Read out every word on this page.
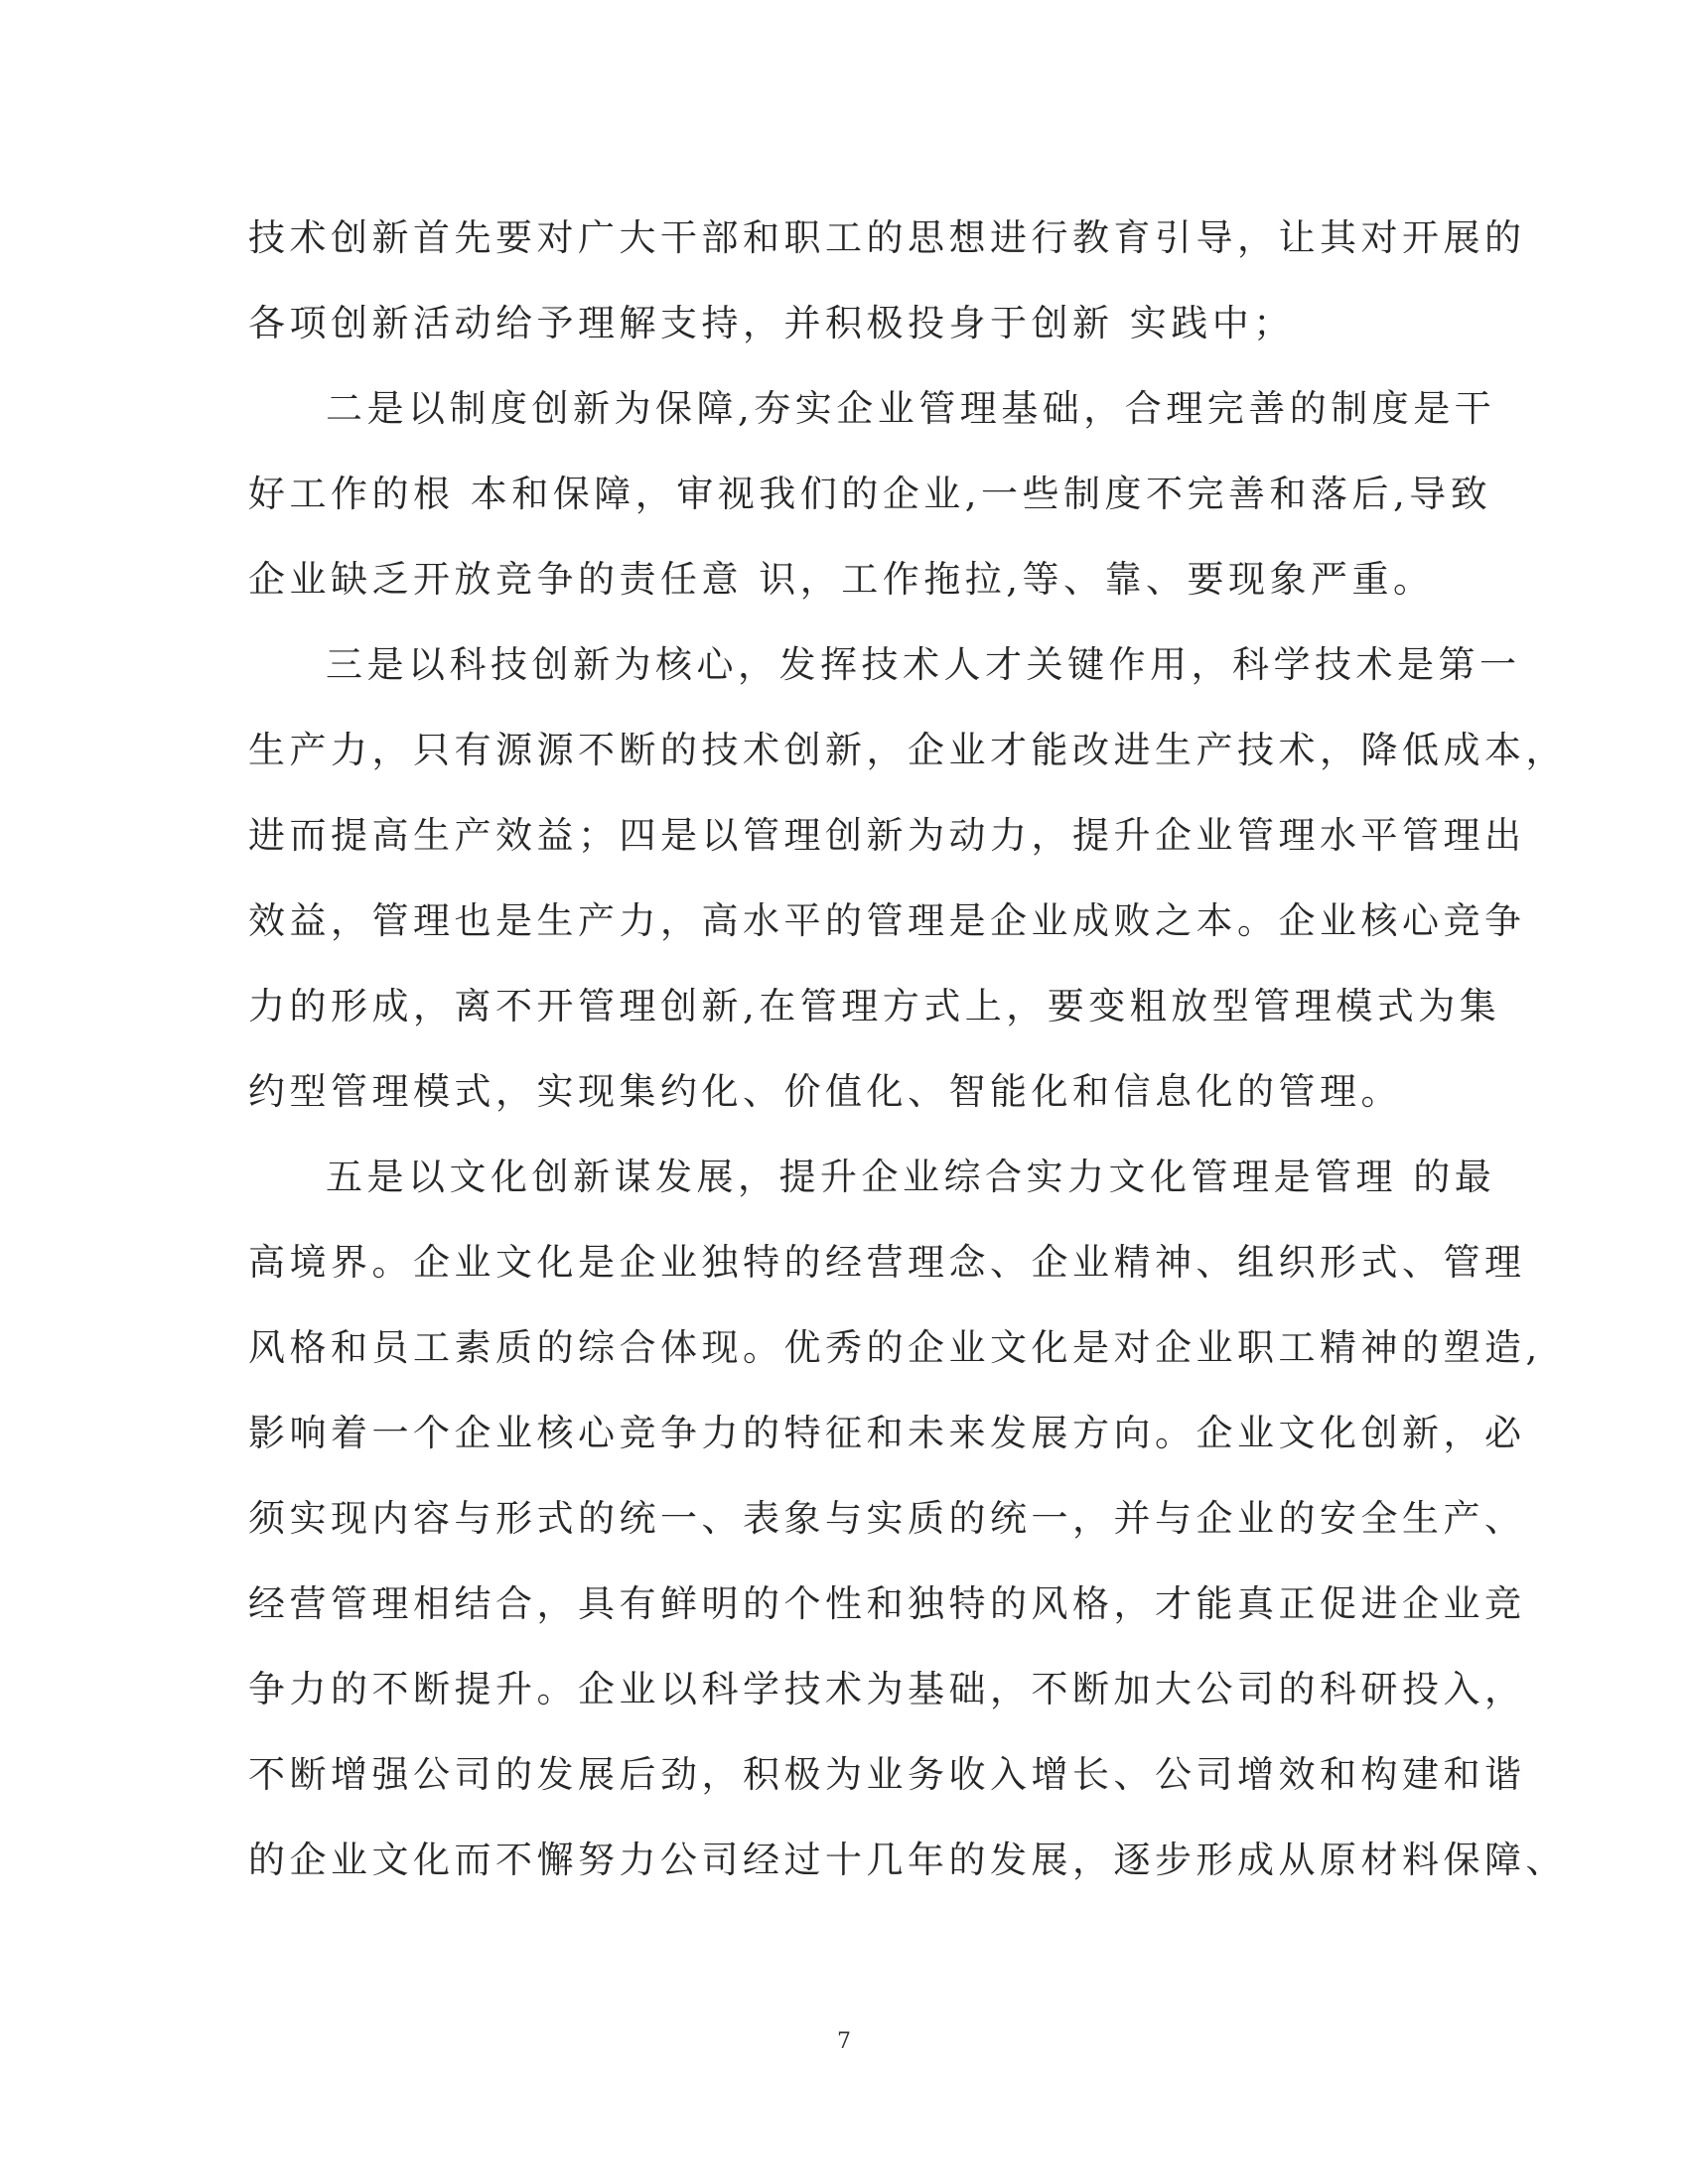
技术创新首先要对广大干部和职工的思想进行教育引导，让其对开展的
各项创新活动给予理解支持，并积极投身于创新 实践中；
二是以制度创新为保障,夯实企业管理基础，合理完善的制度是干
好工作的根 本和保障，审视我们的企业,一些制度不完善和落后,导致
企业缺乏开放竞争的责任意 识，工作拖拉,等、靠、要现象严重。
三是以科技创新为核心，发挥技术人才关键作用，科学技术是第一
生产力，只有源源不断的技术创新，企业才能改进生产技术，降低成本，
进而提高生产效益；四是以管理创新为动力，提升企业管理水平管理出
效益，管理也是生产力，高水平的管理是企业成败之本。企业核心竞争
力的形成，离不开管理创新,在管理方式上，要变粗放型管理模式为集
约型管理模式，实现集约化、价值化、智能化和信息化的管理。
五是以文化创新谋发展，提升企业综合实力文化管理是管理 的最
高境界。企业文化是企业独特的经营理念、企业精神、组织形式、管理
风格和员工素质的综合体现。优秀的企业文化是对企业职工精神的塑造,
影响着一个企业核心竞争力的特征和未来发展方向。企业文化创新，必
须实现内容与形式的统一、表象与实质的统一，并与企业的安全生产、
经营管理相结合，具有鲜明的个性和独特的风格，才能真正促进企业竞
争力的不断提升。企业以科学技术为基础，不断加大公司的科研投入，
不断增强公司的发展后劲，积极为业务收入增长、公司增效和构建和谐
的企业文化而不懈努力公司经过十几年的发展，逐步形成从原材料保障、
7
